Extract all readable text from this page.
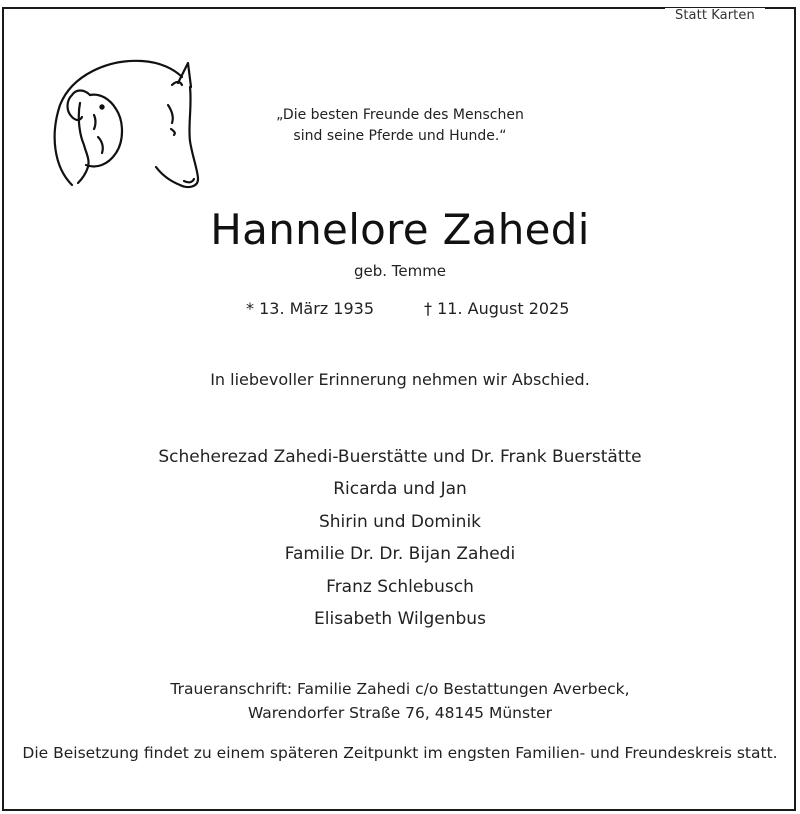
Statt Karten
„Die besten Freunde des Menschen
sind seine Pferde und Hunde.“
Hannelore Zahedi
geb. Temme
* 13. März 1935	† 11. August 2025
In liebevoller Erinnerung nehmen wir Abschied.
Scheherezad Zahedi-Buerstätte und Dr. Frank Buerstätte
Ricarda und Jan
Shirin und Dominik
Familie Dr. Dr. Bijan Zahedi
Franz Schlebusch
Elisabeth Wilgenbus
Traueranschrift: Familie Zahedi c/o Bestattungen Averbeck,
Warendorfer Straße 76, 48145 Münster
Die Beisetzung findet zu einem späteren Zeitpunkt im engsten Familien- und Freundeskreis statt.
